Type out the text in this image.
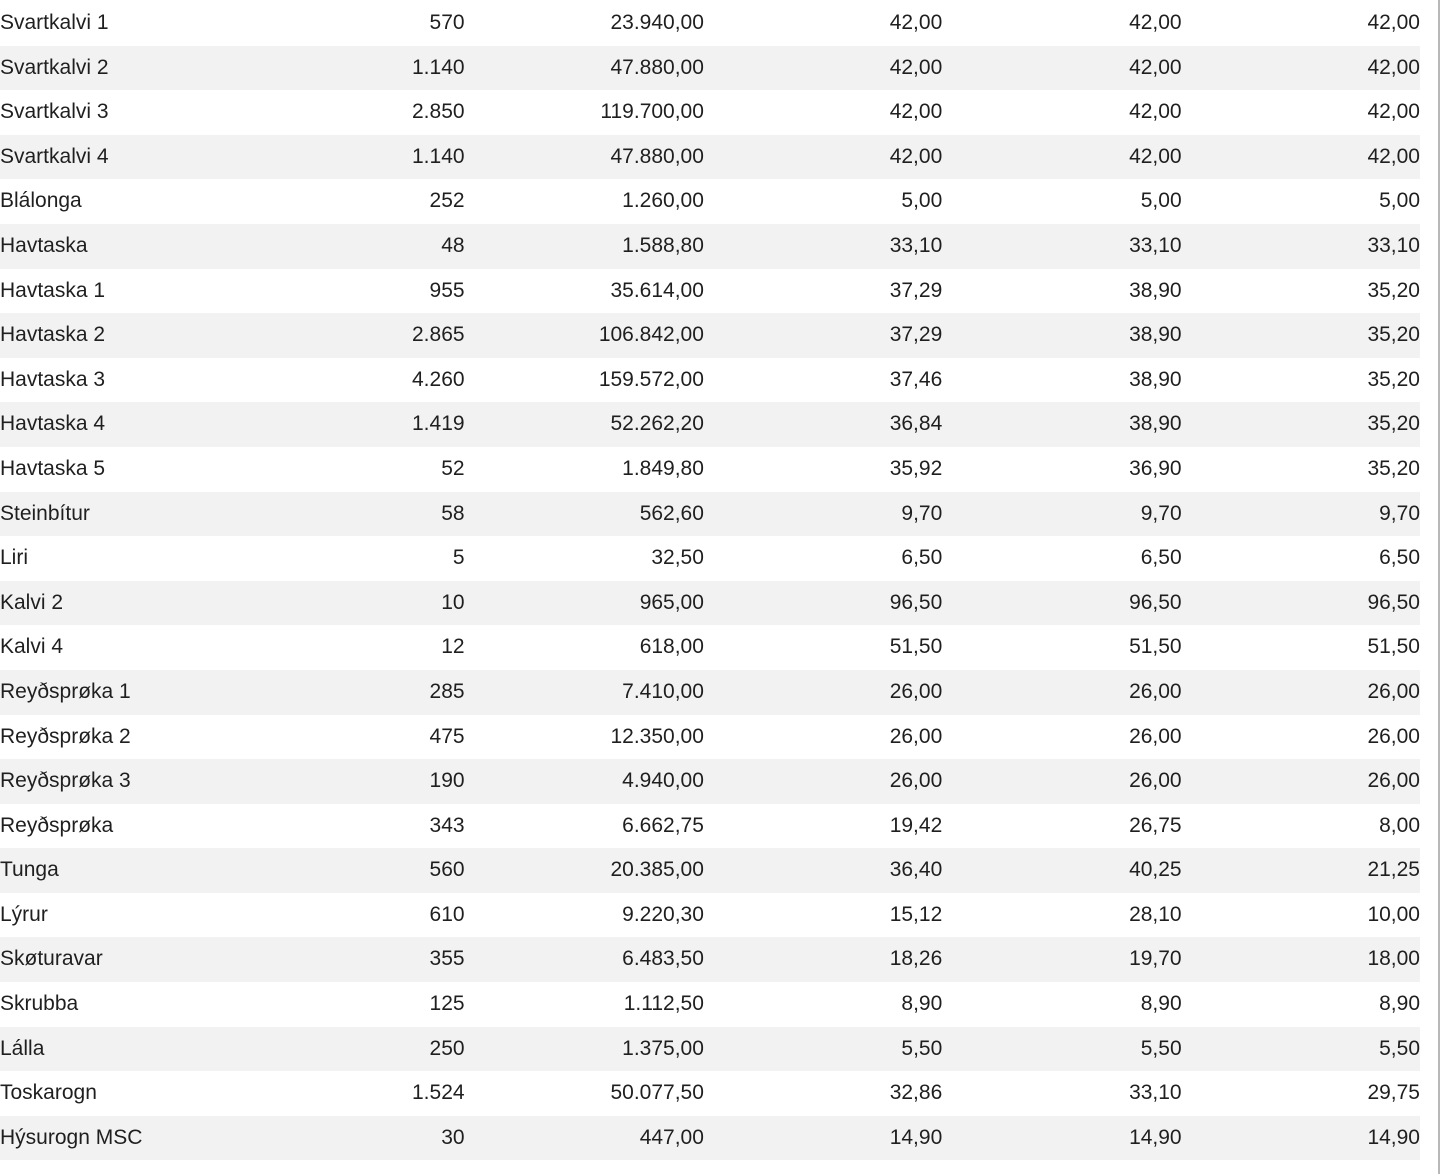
Svartkalvi 1	570	23.940,00	42,00	42,00	42,00
Svartkalvi 2	1.140	47.880,00	42,00	42,00	42,00
Svartkalvi 3	2.850	119.700,00	42,00	42,00	42,00
Svartkalvi 4	1.140	47.880,00	42,00	42,00	42,00
Blálonga	252	1.260,00	5,00	5,00	5,00
Havtaska	48	1.588,80	33,10	33,10	33,10
Havtaska 1	955	35.614,00	37,29	38,90	35,20
Havtaska 2	2.865	106.842,00	37,29	38,90	35,20
Havtaska 3	4.260	159.572,00	37,46	38,90	35,20
Havtaska 4	1.419	52.262,20	36,84	38,90	35,20
Havtaska 5	52	1.849,80	35,92	36,90	35,20
Steinbítur	58	562,60	9,70	9,70	9,70
Liri	5	32,50	6,50	6,50	6,50
Kalvi 2	10	965,00	96,50	96,50	96,50
Kalvi 4	12	618,00	51,50	51,50	51,50
Reyðsprøka 1	285	7.410,00	26,00	26,00	26,00
Reyðsprøka 2	475	12.350,00	26,00	26,00	26,00
Reyðsprøka 3	190	4.940,00	26,00	26,00	26,00
Reyðsprøka	343	6.662,75	19,42	26,75	8,00
Tunga	560	20.385,00	36,40	40,25	21,25
Lýrur	610	9.220,30	15,12	28,10	10,00
Skøturavar	355	6.483,50	18,26	19,70	18,00
Skrubba	125	1.112,50	8,90	8,90	8,90
Lálla	250	1.375,00	5,50	5,50	5,50
Toskarogn	1.524	50.077,50	32,86	33,10	29,75
Hýsurogn MSC	30	447,00	14,90	14,90	14,90
